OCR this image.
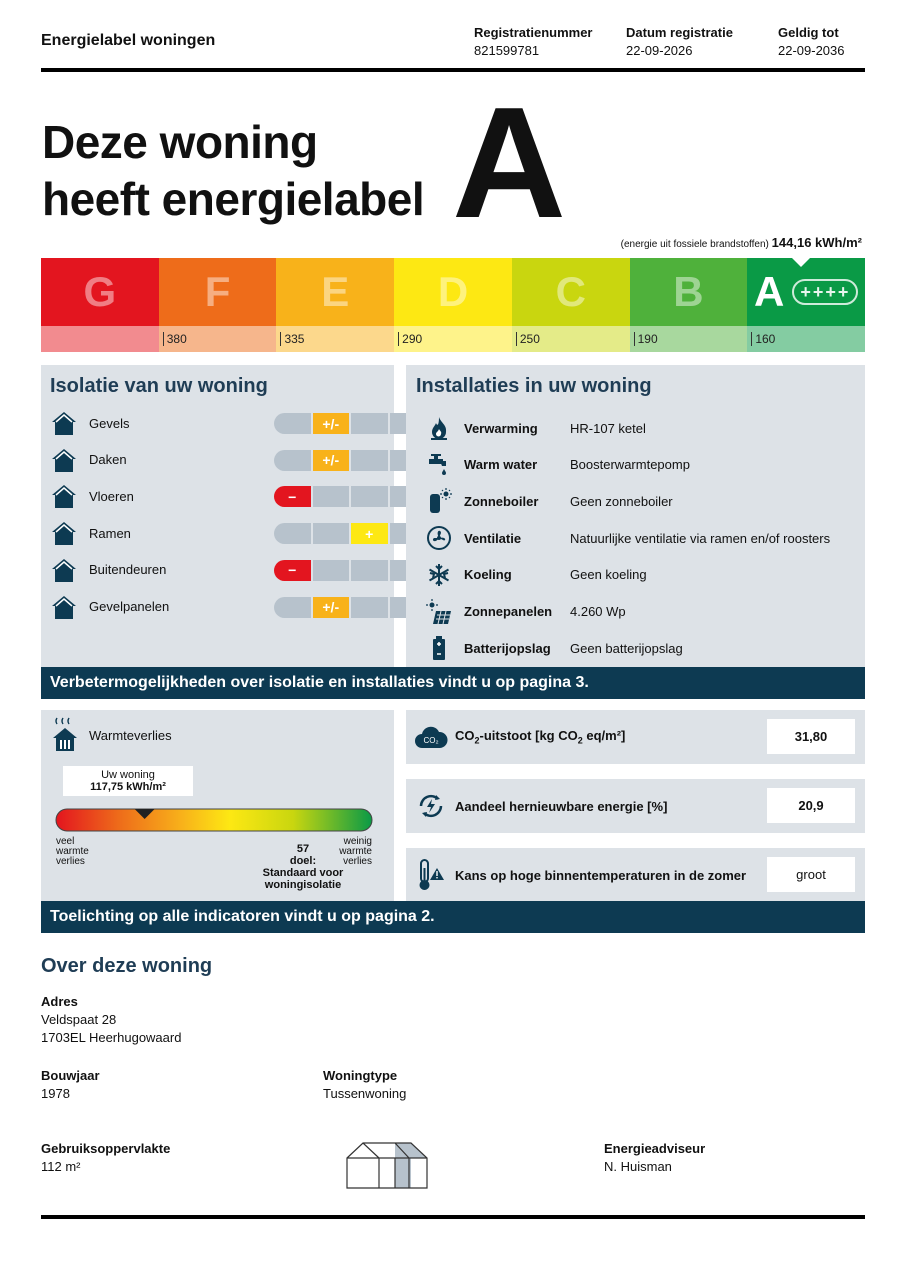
Energielabel woningen	Registratienummer
821599781
Datum registratie
22-09-2026
Geldig tot
22-09-2036
Deze woning
heeft energielabel A	(energie uit fossiele brandstoffen) 144,16 kWh/m²
G F
380
E
335
D
290
C
250
B
190
A ++++
160
Isolatie van uw woning
Gevels	+/-
Daken	+/-
Vloeren	−
Ramen	+
Buitendeuren	−
Gevelpanelen	+/-
Installaties in uw woning
Verwarming	HR-107 ketel
Warm water	Boosterwarmtepomp
Zonneboiler	Geen zonneboiler
Ventilatie	Natuurlijke ventilatie via ramen en/of roosters
Koeling	Geen koeling
Zonnepanelen	4.260 Wp
Batterijopslag	Geen batterijopslag
Verbetermogelijkheden over isolatie en installaties vindt u op pagina 3.
Warmteverlies
Uw woning
117,75 kWh/m²
veel
warmte
verlies
weinig
warmte
verlies
57
doel:
Standaard voor
woningisolatie
CO₂ $CO_2$-uitstoot [kg $CO_2$ eq/m²]	31,80
Aandeel hernieuwbare energie [%]	20,9
Kans op hoge binnentemperaturen in de zomer	groot
Toelichting op alle indicatoren vindt u op pagina 2.
Over deze woning
Adres
Veldspaat 28
1703EL Heerhugowaard
Bouwjaar
1978
Woningtype
Tussenwoning
Gebruiksoppervlakte
112 m²
Energieadviseur
N. Huisman
